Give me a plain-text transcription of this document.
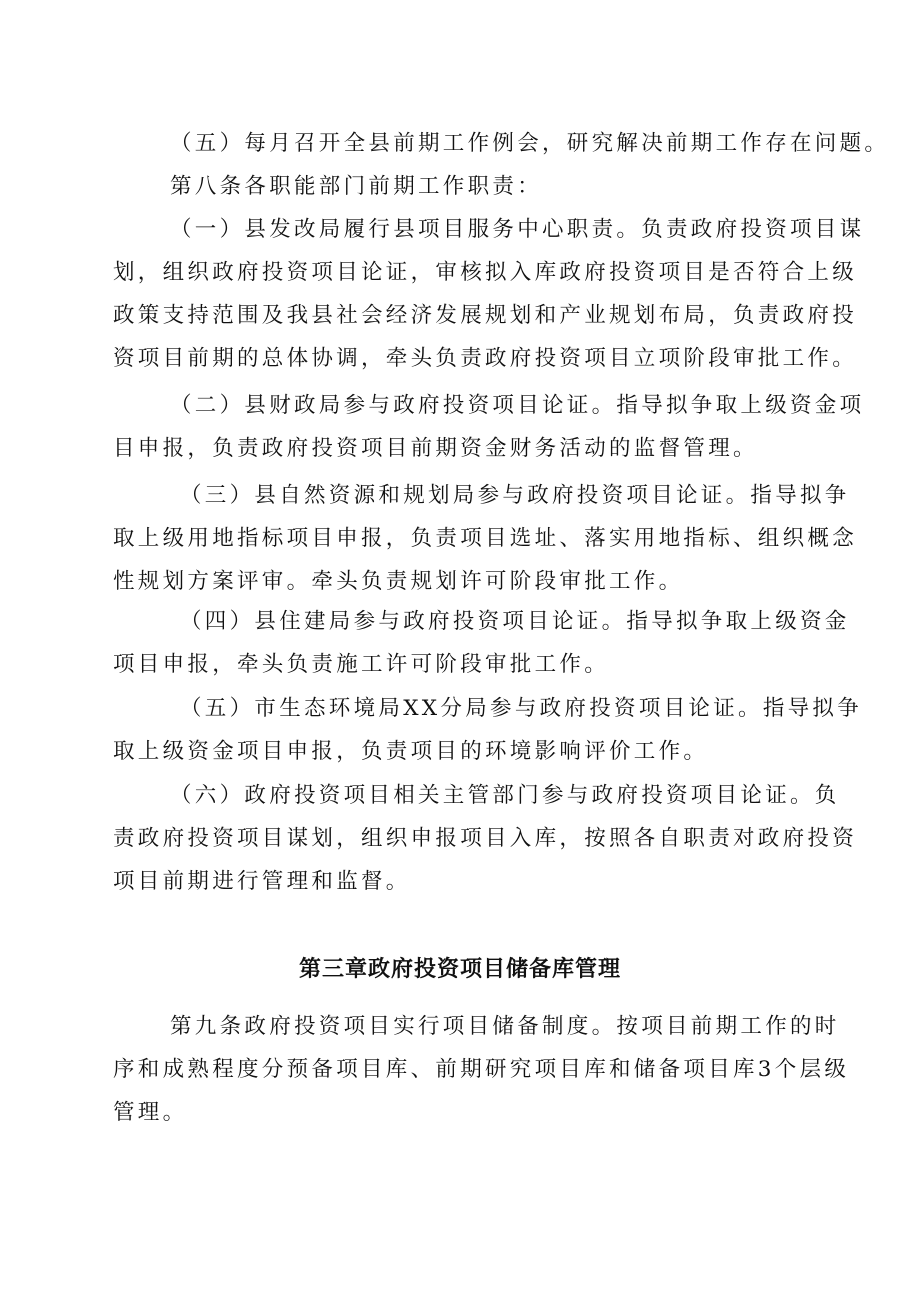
（五）每月召开全县前期工作例会，研究解决前期工作存在问题。
第八条各职能部门前期工作职责：
（一）县发改局履行县项目服务中心职责。负责政府投资项目谋
划，组织政府投资项目论证，审核拟入库政府投资项目是否符合上级
政策支持范围及我县社会经济发展规划和产业规划布局，负责政府投
资项目前期的总体协调，牵头负责政府投资项目立项阶段审批工作。
（二）县财政局参与政府投资项目论证。指导拟争取上级资金项
目申报，负责政府投资项目前期资金财务活动的监督管理。
（三）县自然资源和规划局参与政府投资项目论证。指导拟争
取上级用地指标项目申报，负责项目选址、落实用地指标、组织概念
性规划方案评审。牵头负责规划许可阶段审批工作。
（四）县住建局参与政府投资项目论证。指导拟争取上级资金
项目申报，牵头负责施工许可阶段审批工作。
（五）市生态环境局XX分局参与政府投资项目论证。指导拟争
取上级资金项目申报，负责项目的环境影响评价工作。
（六）政府投资项目相关主管部门参与政府投资项目论证。负
责政府投资项目谋划，组织申报项目入库，按照各自职责对政府投资
项目前期进行管理和监督。
第三章政府投资项目储备库管理
第九条政府投资项目实行项目储备制度。按项目前期工作的时
序和成熟程度分预备项目库、前期研究项目库和储备项目库3个层级
管理。
